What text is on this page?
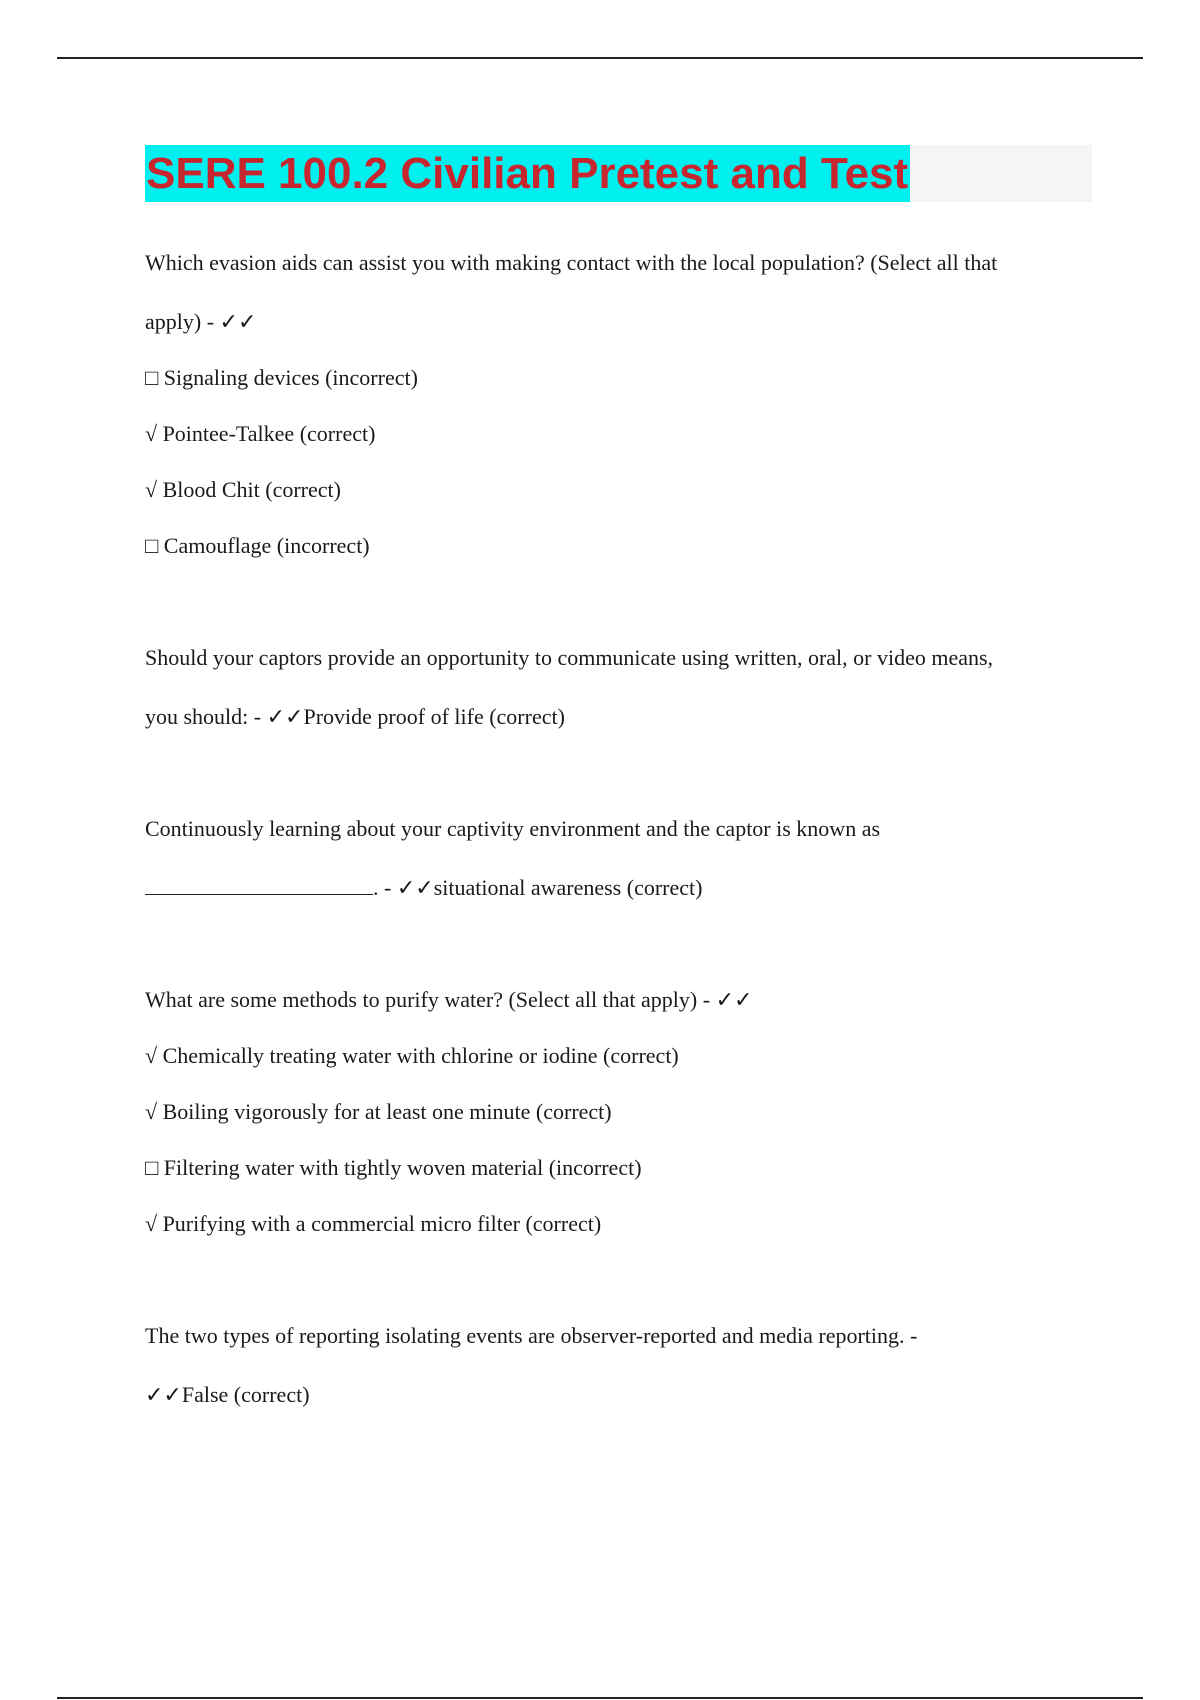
SERE 100.2 Civilian Pretest and Test

Which evasion aids can assist you with making contact with the local population? (Select all that

apply) - ✓✓

□ Signaling devices (incorrect)

√ Pointee-Talkee (correct)

√ Blood Chit (correct)

□ Camouflage (incorrect)

Should your captors provide an opportunity to communicate using written, oral, or video means,

you should: - ✓✓Provide proof of life (correct)

Continuously learning about your captivity environment and the captor is known as

. - ✓✓situational awareness (correct)

What are some methods to purify water? (Select all that apply) - ✓✓

√ Chemically treating water with chlorine or iodine (correct)

√ Boiling vigorously for at least one minute (correct)

□ Filtering water with tightly woven material (incorrect)

√ Purifying with a commercial micro filter (correct)

The two types of reporting isolating events are observer-reported and media reporting. -

✓✓False (correct)
